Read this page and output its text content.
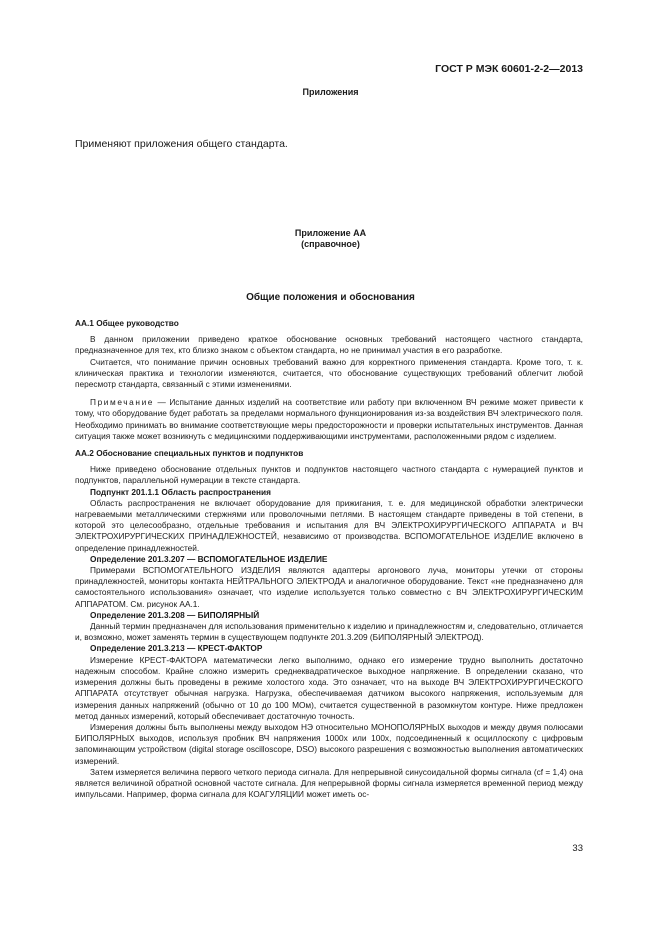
ГОСТ Р МЭК 60601-2-2—2013
Приложения
Применяют приложения общего стандарта.
Приложение АА
(справочное)
Общие положения и обоснования
АА.1 Общее руководство

В данном приложении приведено краткое обоснование основных требований настоящего частного стандарта, предназначенное для тех, кто близко знаком с объектом стандарта, но не принимал участия в его разработке.

Считается, что понимание причин основных требований важно для корректного применения стандарта. Кроме того, т. к. клиническая практика и технологии изменяются, считается, что обоснование существующих требований облегчит любой пересмотр стандарта, связанный с этими изменениями.

Примечание — Испытание данных изделий на соответствие или работу при включенном ВЧ режиме может привести к тому, что оборудование будет работать за пределами нормального функционирования из-за воздействия ВЧ электрического поля. Необходимо принимать во внимание соответствующие меры предосторожности и проверки испытательных инструментов. Данная ситуация также может возникнуть с медицинскими поддерживающими инструментами, расположенными рядом с изделием.

АА.2 Обоснование специальных пунктов и подпунктов

Ниже приведено обоснование отдельных пунктов и подпунктов настоящего частного стандарта с нумерацией пунктов и подпунктов, параллельной нумерации в тексте стандарта.

Подпункт 201.1.1 Область распространения

Область распространения не включает оборудование для прижигания, т. е. для медицинской обработки электрически нагреваемыми металлическими стержнями или проволочными петлями. В настоящем стандарте приведены в той степени, в которой это целесообразно, отдельные требования и испытания для ВЧ ЭЛЕКТРОХИРУРГИЧЕСКОГО АППАРАТА и ВЧ ЭЛЕКТРОХИРУРГИЧЕСКИХ ПРИНАДЛЕЖНОСТЕЙ, независимо от производства. ВСПОМОГАТЕЛЬНОЕ ИЗДЕЛИЕ включено в определение принадлежностей.

Определение 201.3.207 — ВСПОМОГАТЕЛЬНОЕ ИЗДЕЛИЕ

Примерами ВСПОМОГАТЕЛЬНОГО ИЗДЕЛИЯ являются адаптеры аргонового луча, мониторы утечки от стороны принадлежностей, мониторы контакта НЕЙТРАЛЬНОГО ЭЛЕКТРОДА и аналогичное оборудование. Текст «не предназначено для самостоятельного использования» означает, что изделие используется только совместно с ВЧ ЭЛЕКТРОХИРУРГИЧЕСКИМ АППАРАТОМ. См. рисунок АА.1.

Определение 201.3.208 — БИПОЛЯРНЫЙ

Данный термин предназначен для использования применительно к изделию и принадлежностям и, следовательно, отличается и, возможно, может заменять термин в существующем подпункте 201.3.209 (БИПОЛЯРНЫЙ ЭЛЕКТРОД).

Определение 201.3.213 — КРЕСТ-ФАКТОР

Измерение КРЕСТ-ФАКТОРА математически легко выполнимо, однако его измерение трудно выполнить достаточно надежным способом. Крайне сложно измерить среднеквадратическое выходное напряжение. В определении сказано, что измерения должны быть проведены в режиме холостого хода. Это означает, что на выходе ВЧ ЭЛЕКТРОХИРУРГИЧЕСКОГО АППАРАТА отсутствует обычная нагрузка. Нагрузка, обеспечиваемая датчиком высокого напряжения, используемым для измерения данных напряжений (обычно от 10 до 100 МОм), считается существенной в разомкнутом контуре. Ниже предложен метод данных измерений, который обеспечивает достаточную точность.

Измерения должны быть выполнены между выходом НЭ относительно МОНОПОЛЯРНЫХ выходов и между двумя полюсами БИПОЛЯРНЫХ выходов, используя пробник ВЧ напряжения 1000х или 100х, подсоединенный к осциллоскопу с цифровым запоминающим устройством (digital storage oscilloscope, DSO) высокого разрешения с возможностью выполнения автоматических измерений.

Затем измеряется величина первого четкого периода сигнала. Для непрерывной синусоидальной формы сигнала (cf = 1,4) она является величиной обратной основной частоте сигнала. Для непрерывной формы сигнала измеряется временной период между импульсами. Например, форма сигнала для КОАГУЛЯЦИИ может иметь ос-

33
